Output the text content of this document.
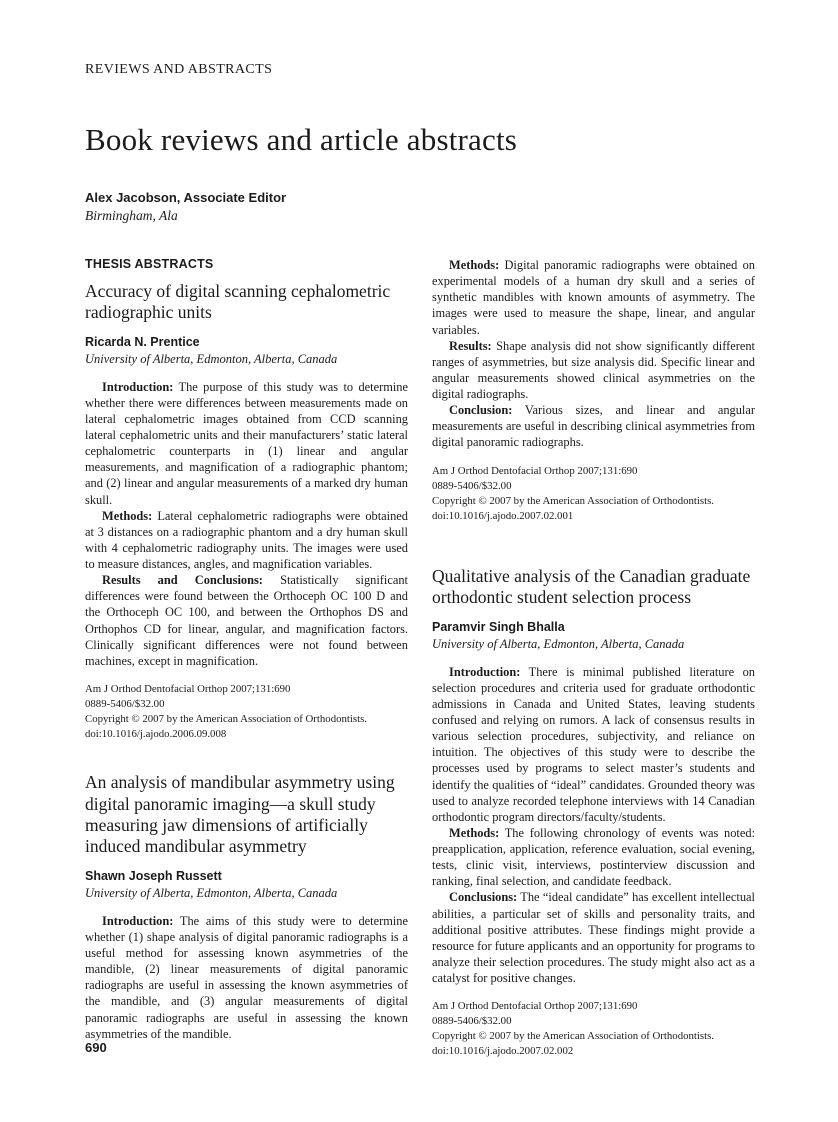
REVIEWS AND ABSTRACTS
Book reviews and article abstracts
Alex Jacobson, Associate Editor
Birmingham, Ala
THESIS ABSTRACTS
Accuracy of digital scanning cephalometric radiographic units
Ricarda N. Prentice
University of Alberta, Edmonton, Alberta, Canada

Introduction: The purpose of this study was to determine whether there were differences between measurements made on lateral cephalometric images obtained from CCD scanning lateral cephalometric units and their manufacturers’ static lateral cephalometric counterparts in (1) linear and angular measurements, and magnification of a radiographic phantom; and (2) linear and angular measurements of a marked dry human skull.

Methods: Lateral cephalometric radiographs were obtained at 3 distances on a radiographic phantom and a dry human skull with 4 cephalometric radiography units. The images were used to measure distances, angles, and magnification variables.

Results and Conclusions: Statistically significant differences were found between the Orthoceph OC 100 D and the Orthoceph OC 100, and between the Orthophos DS and Orthophos CD for linear, angular, and magnification factors. Clinically significant differences were not found between machines, except in magnification.

Am J Orthod Dentofacial Orthop 2007;131:690
0889-5406/$32.00
Copyright © 2007 by the American Association of Orthodontists.
doi:10.1016/j.ajodo.2006.09.008
An analysis of mandibular asymmetry using digital panoramic imaging—a skull study measuring jaw dimensions of artificially induced mandibular asymmetry
Shawn Joseph Russett
University of Alberta, Edmonton, Alberta, Canada

Introduction: The aims of this study were to determine whether (1) shape analysis of digital panoramic radiographs is a useful method for assessing known asymmetries of the mandible, (2) linear measurements of digital panoramic radiographs are useful in assessing the known asymmetries of the mandible, and (3) angular measurements of digital panoramic radiographs are useful in assessing the known asymmetries of the mandible.

Methods: Digital panoramic radiographs were obtained on experimental models of a human dry skull and a series of synthetic mandibles with known amounts of asymmetry. The images were used to measure the shape, linear, and angular variables.

Results: Shape analysis did not show significantly different ranges of asymmetries, but size analysis did. Specific linear and angular measurements showed clinical asymmetries on the digital radiographs.

Conclusion: Various sizes, and linear and angular measurements are useful in describing clinical asymmetries from digital panoramic radiographs.

Am J Orthod Dentofacial Orthop 2007;131:690
0889-5406/$32.00
Copyright © 2007 by the American Association of Orthodontists.
doi:10.1016/j.ajodo.2007.02.001
Qualitative analysis of the Canadian graduate orthodontic student selection process
Paramvir Singh Bhalla
University of Alberta, Edmonton, Alberta, Canada

Introduction: There is minimal published literature on selection procedures and criteria used for graduate orthodontic admissions in Canada and United States, leaving students confused and relying on rumors. A lack of consensus results in various selection procedures, subjectivity, and reliance on intuition. The objectives of this study were to describe the processes used by programs to select master’s students and identify the qualities of “ideal” candidates. Grounded theory was used to analyze recorded telephone interviews with 14 Canadian orthodontic program directors/faculty/students.

Methods: The following chronology of events was noted: preapplication, application, reference evaluation, social evening, tests, clinic visit, interviews, postinterview discussion and ranking, final selection, and candidate feedback.

Conclusions: The “ideal candidate” has excellent intellectual abilities, a particular set of skills and personality traits, and additional positive attributes. These findings might provide a resource for future applicants and an opportunity for programs to analyze their selection procedures. The study might also act as a catalyst for positive changes.

Am J Orthod Dentofacial Orthop 2007;131:690
0889-5406/$32.00
Copyright © 2007 by the American Association of Orthodontists.
doi:10.1016/j.ajodo.2007.02.002
690
